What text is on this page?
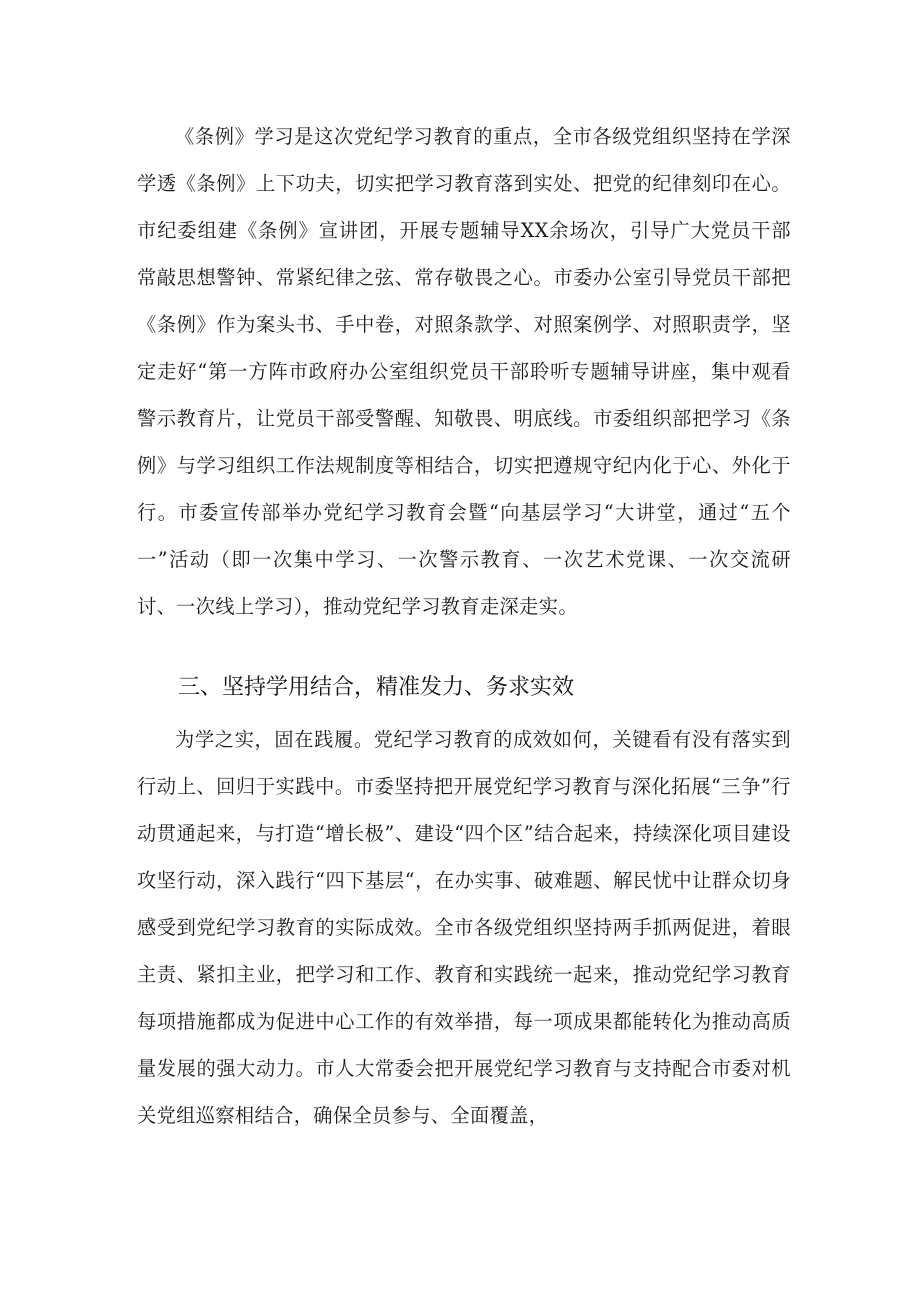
《条例》学习是这次党纪学习教育的重点，全市各级党组织坚持在学深学透《条例》上下功夫，切实把学习教育落到实处、把党的纪律刻印在心。市纪委组建《条例》宣讲团，开展专题辅导XX余场次，引导广大党员干部常敲思想警钟、常紧纪律之弦、常存敬畏之心。市委办公室引导党员干部把《条例》作为案头书、手中卷，对照条款学、对照案例学、对照职责学，坚定走好“第一方阵市政府办公室组织党员干部聆听专题辅导讲座，集中观看警示教育片，让党员干部受警醒、知敬畏、明底线。市委组织部把学习《条例》与学习组织工作法规制度等相结合，切实把遵规守纪内化于心、外化于行。市委宣传部举办党纪学习教育会暨“向基层学习“大讲堂，通过“五个一”活动（即一次集中学习、一次警示教育、一次艺术党课、一次交流研讨、一次线上学习），推动党纪学习教育走深走实。

三、坚持学用结合，精准发力、务求实效

为学之实，固在践履。党纪学习教育的成效如何，关键看有没有落实到行动上、回归于实践中。市委坚持把开展党纪学习教育与深化拓展“三争”行动贯通起来，与打造“增长极”、建设“四个区”结合起来，持续深化项目建设攻坚行动，深入践行“四下基层“，在办实事、破难题、解民忧中让群众切身感受到党纪学习教育的实际成效。全市各级党组织坚持两手抓两促进，着眼主责、紧扣主业，把学习和工作、教育和实践统一起来，推动党纪学习教育每项措施都成为促进中心工作的有效举措，每一项成果都能转化为推动高质量发展的强大动力。市人大常委会把开展党纪学习教育与支持配合市委对机关党组巡察相结合，确保全员参与、全面覆盖，
